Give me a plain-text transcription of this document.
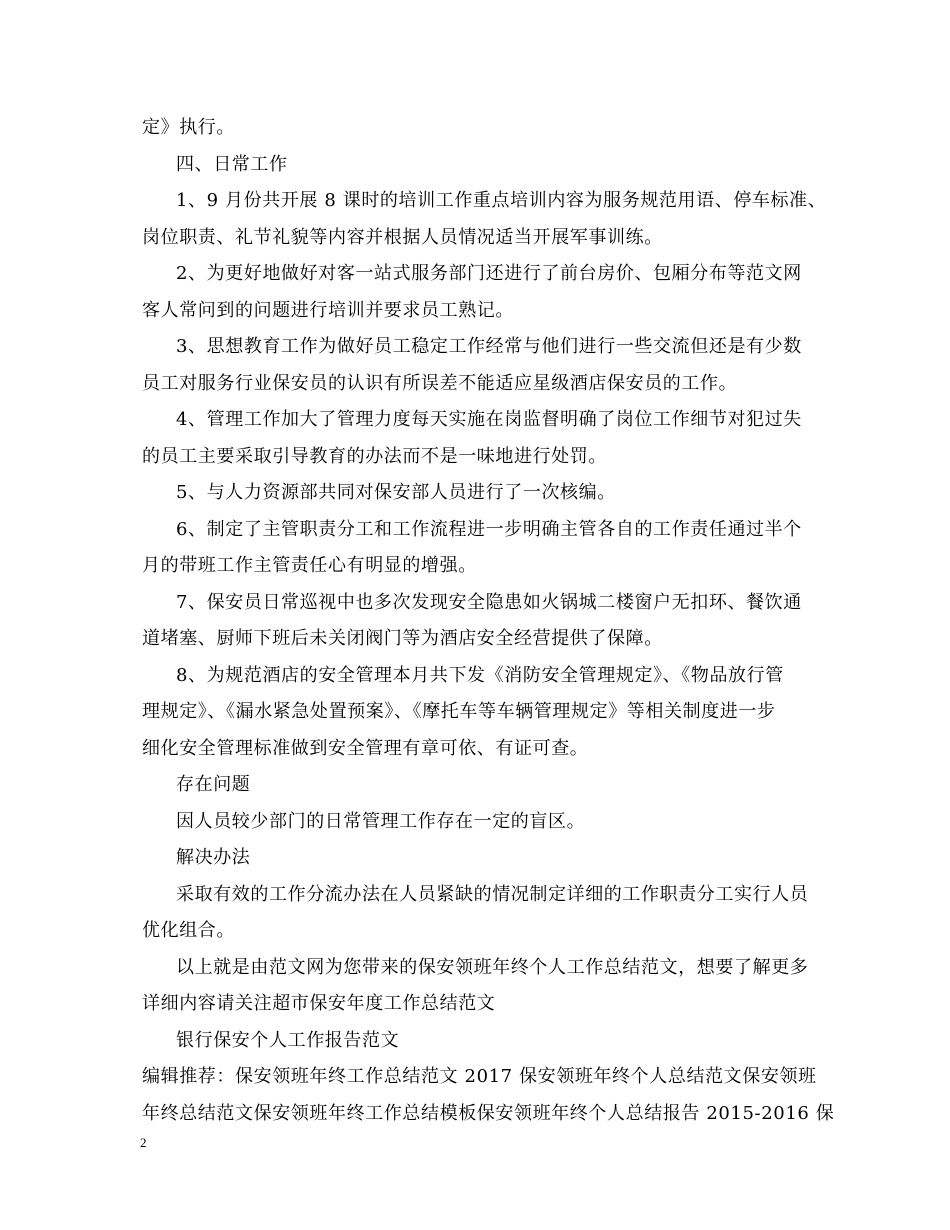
定》执行。
四、日常工作
1、9 月份共开展 8 课时的培训工作重点培训内容为服务规范用语、停车标准、
岗位职责、礼节礼貌等内容并根据人员情况适当开展军事训练。
2、为更好地做好对客一站式服务部门还进行了前台房价、包厢分布等范文网
客人常问到的问题进行培训并要求员工熟记。
3、思想教育工作为做好员工稳定工作经常与他们进行一些交流但还是有少数
员工对服务行业保安员的认识有所误差不能适应星级酒店保安员的工作。
4、管理工作加大了管理力度每天实施在岗监督明确了岗位工作细节对犯过失
的员工主要采取引导教育的办法而不是一味地进行处罚。
5、与人力资源部共同对保安部人员进行了一次核编。
6、制定了主管职责分工和工作流程进一步明确主管各自的工作责任通过半个
月的带班工作主管责任心有明显的增强。
7、保安员日常巡视中也多次发现安全隐患如火锅城二楼窗户无扣环、餐饮通
道堵塞、厨师下班后未关闭阀门等为酒店安全经营提供了保障。
8、为规范酒店的安全管理本月共下发《消防安全管理规定》、《物品放行管
理规定》、《漏水紧急处置预案》、《摩托车等车辆管理规定》等相关制度进一步
细化安全管理标准做到安全管理有章可依、有证可查。
存在问题
因人员较少部门的日常管理工作存在一定的盲区。
解决办法
采取有效的工作分流办法在人员紧缺的情况制定详细的工作职责分工实行人员
优化组合。
以上就是由范文网为您带来的保安领班年终个人工作总结范文，想要了解更多
详细内容请关注超市保安年度工作总结范文
银行保安个人工作报告范文
编辑推荐：保安领班年终工作总结范文 2017 保安领班年终个人总结范文保安领班
年终总结范文保安领班年终工作总结模板保安领班年终个人总结报告 2015-2016 保
2
